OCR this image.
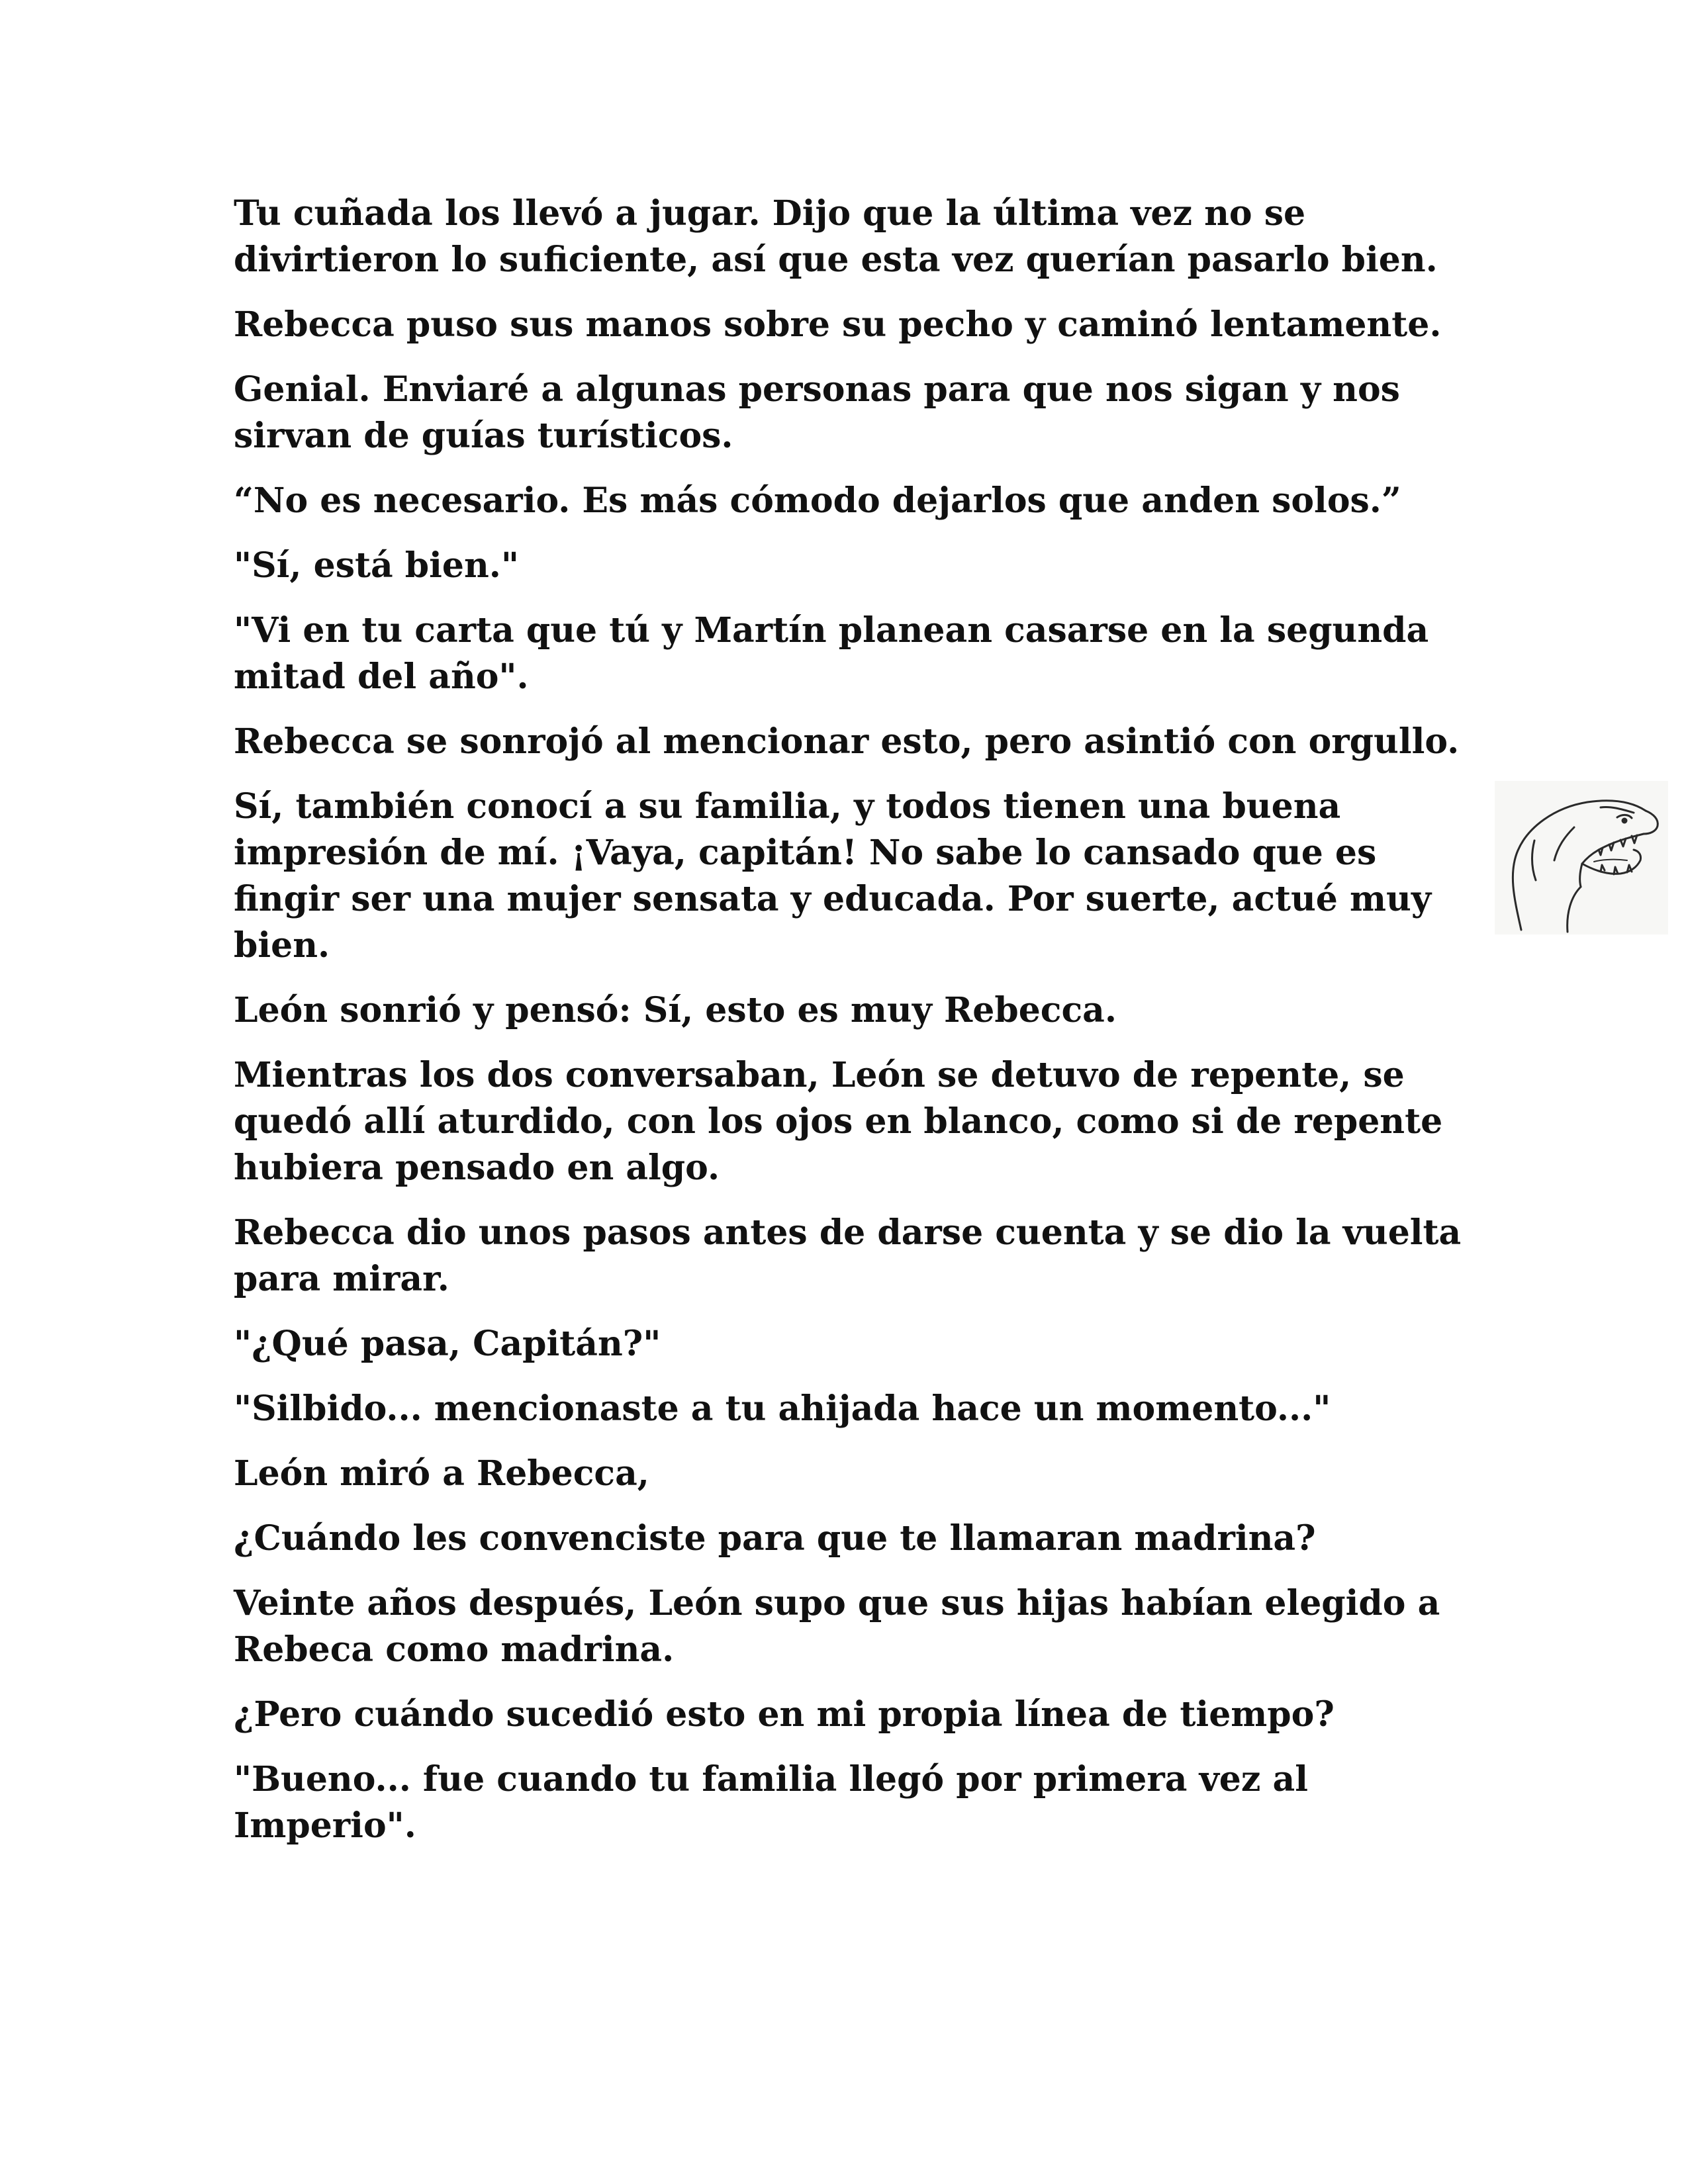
Tu cuñada los llevó a jugar. Dijo que la última vez no se divirtieron lo suficiente, así que esta vez querían pasarlo bien.

Rebecca puso sus manos sobre su pecho y caminó lentamente.

Genial. Enviaré a algunas personas para que nos sigan y nos sirvan de guías turísticos.

“No es necesario. Es más cómodo dejarlos que anden solos.”

"Sí, está bien."

"Vi en tu carta que tú y Martín planean casarse en la segunda mitad del año".

Rebecca se sonrojó al mencionar esto, pero asintió con orgullo.

Sí, también conocí a su familia, y todos tienen una buena impresión de mí. ¡Vaya, capitán! No sabe lo cansado que es fingir ser una mujer sensata y educada. Por suerte, actué muy bien.

León sonrió y pensó: Sí, esto es muy Rebecca.

Mientras los dos conversaban, León se detuvo de repente, se quedó allí aturdido, con los ojos en blanco, como si de repente hubiera pensado en algo.

Rebecca dio unos pasos antes de darse cuenta y se dio la vuelta para mirar.

"¿Qué pasa, Capitán?"

"Silbido... mencionaste a tu ahijada hace un momento..."

León miró a Rebecca,

¿Cuándo les convenciste para que te llamaran madrina?

Veinte años después, León supo que sus hijas habían elegido a Rebeca como madrina.

¿Pero cuándo sucedió esto en mi propia línea de tiempo?

"Bueno... fue cuando tu familia llegó por primera vez al Imperio".
